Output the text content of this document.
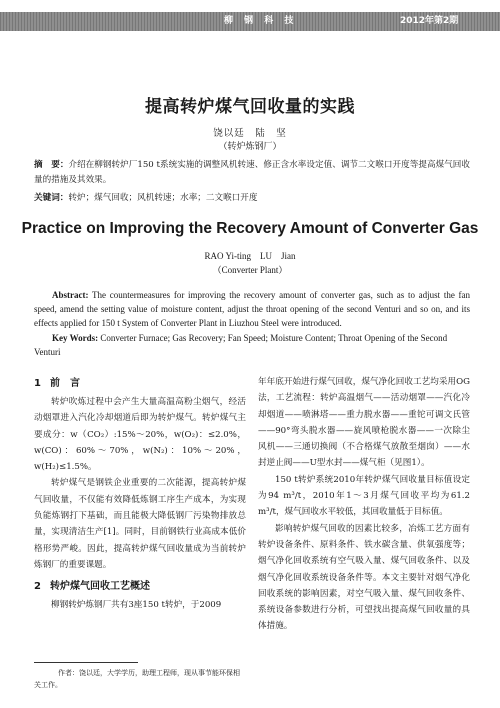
柳 钢 科 技	2012年第2期
提高转炉煤气回收量的实践
饶以廷　陆　坚
（转炉炼钢厂）
摘　要：介绍在柳钢转炉厂150 t系统实施的调整风机转速、修正含水率设定值、调节二文喉口开度等提高煤气回收量的措施及其效果。
关键词：转炉；煤气回收；风机转速；水率；二文喉口开度
Practice on Improving the Recovery Amount of Converter Gas
RAO Yi-ting　LU　Jian
（Converter Plant）
Abstract: The countermeasures for improving the recovery amount of converter gas, such as to adjust the fan speed, amend the setting value of moisture content, adjust the throat opening of the second Venturi and so on, and its effects applied for 150 t System of Converter Plant in Liuzhou Steel were introduced.
Key Words: Converter Furnace; Gas Recovery; Fan Speed; Moisture Content; Throat Opening of the Second Venturi
1 前　言

转炉吹炼过程中会产生大量高温高粉尘烟气，经活动烟罩进入汽化冷却烟道后即为转炉煤气。转炉煤气主要成分：w（CO₂）:15%～20%，w(O₂)：≤2.0%，w(CO)：60%～70%，w(N₂)：10%～20%，w(H₂)≤1.5%。

转炉煤气是钢铁企业重要的二次能源，提高转炉煤气回收量，不仅能有效降低炼钢工序生产成本，为实现负能炼钢打下基础，而且能极大降低钢厂污染物排放总量，实现清洁生产[1]。同时，目前钢铁行业高成本低价格形势严峻。因此，提高转炉煤气回收量成为当前转炉炼钢厂的重要课题。

2 转炉煤气回收工艺概述

柳钢转炉炼钢厂共有3座150 t转炉，于2009

年年底开始进行煤气回收，煤气净化回收工艺均采用OG法，工艺流程：转炉高温烟气——活动烟罩——汽化冷却烟道——喷淋塔——重力脱水器——重铊可调文氏管——90°弯头脱水器——旋风喷枪脱水器——一次除尘风机——三通切换阀（不合格煤气放散至烟囱）——水封逆止阀——U型水封——煤气柜（见图1）。

150 t转炉系统2010年转炉煤气回收量目标值设定为94 m³/t，2010年1～3月煤气回收平均为61.2 m³/t，煤气回收水平较低，其回收量低于目标值。

影响转炉煤气回收的因素比较多，冶炼工艺方面有转炉设备条件、原料条件、铁水碳含量、供氧强度等；烟气净化回收系统有空气吸入量、煤气回收条件、以及烟气净化回收系统设备条件等。本文主要针对烟气净化回收系统的影响因素，对空气吸入量、煤气回收条件、系统设备参数进行分析，可望找出提高煤气回收量的具体措施。

作者：饶以廷，大学学历，助理工程师，现从事节能环保相关工作。
